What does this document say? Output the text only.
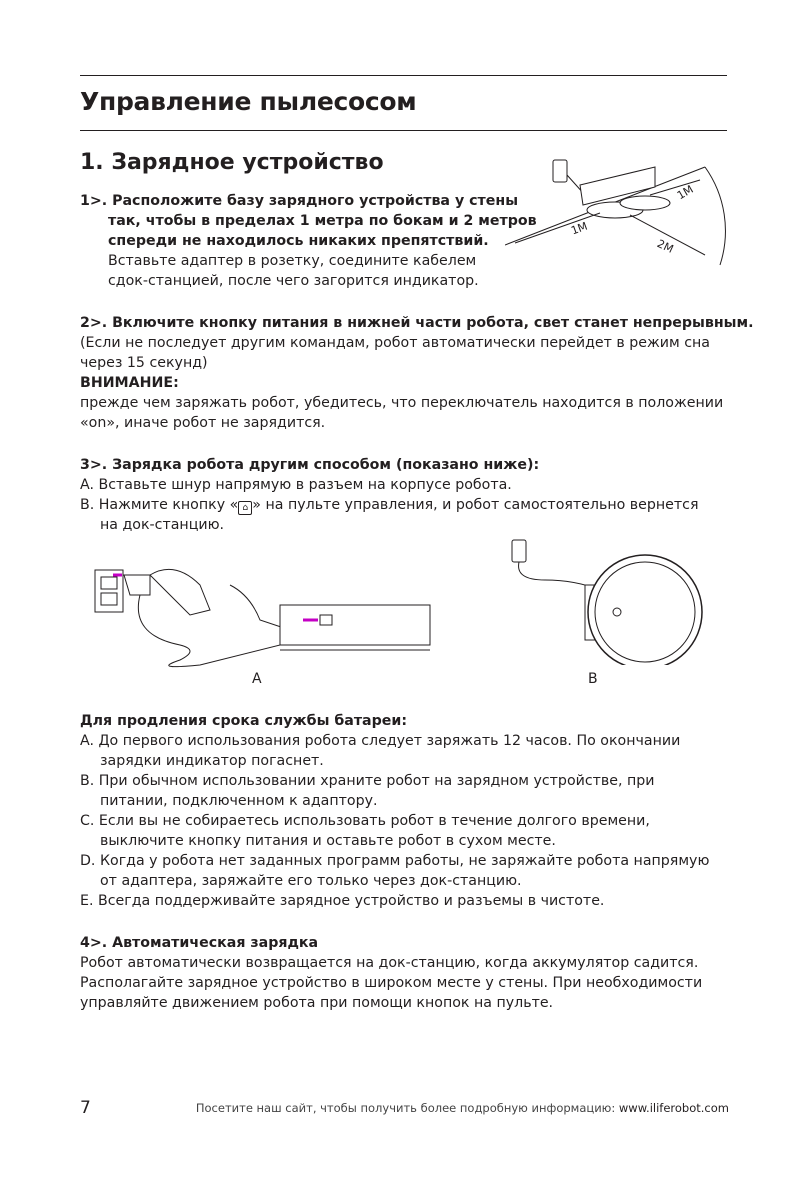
Управление пылесосом
1. Зарядное устройство
1>. Расположите базу зарядного устройства у стены
так, чтобы в пределах 1 метра по бокам и 2 метров
спереди не находилось никаких препятствий.
Вставьте адаптер в розетку, соедините кабелем
сдок-станцией, после чего загорится индикатор.
1M
1M
2M
2>. Включите кнопку питания в нижней части робота, свет станет непрерывным.
(Если не последует другим командам, робот автоматически перейдет в режим сна
через 15 секунд)
ВНИМАНИЕ:
прежде чем заряжать робот, убедитесь, что переключатель находится в положении
«on», иначе робот не зарядится.
3>. Зарядка робота другим способом (показано ниже):
A. Вставьте шнур напрямую в разъем на корпусе робота.
B. Нажмите кнопку « ⌂ » на пульте управления, и робот самостоятельно вернется
на док-станцию.
A	B
Для продления срока службы батареи:
A. До первого использования робота следует заряжать 12 часов. По окончании
зарядки индикатор погаснет.
B. При обычном использовании храните робот на зарядном устройстве, при
питании, подключенном к адаптору.
C. Если вы не собираетесь использовать робот в течение долгого времени,
выключите кнопку питания и оставьте робот в сухом месте.
D. Когда у робота нет заданных программ работы, не заряжайте робота напрямую
от адаптера, заряжайте его только через док-станцию.
E. Всегда поддерживайте зарядное устройство и разъемы в чистоте.
4>. Автоматическая зарядка
Робот автоматически возвращается на док-станцию, когда аккумулятор садится.
Располагайте зарядное устройство в широком месте у стены. При необходимости
управляйте движением робота при помощи кнопок на пульте.
7	Посетите наш сайт, чтобы получить более подробную информацию: www.iliferobot.com
